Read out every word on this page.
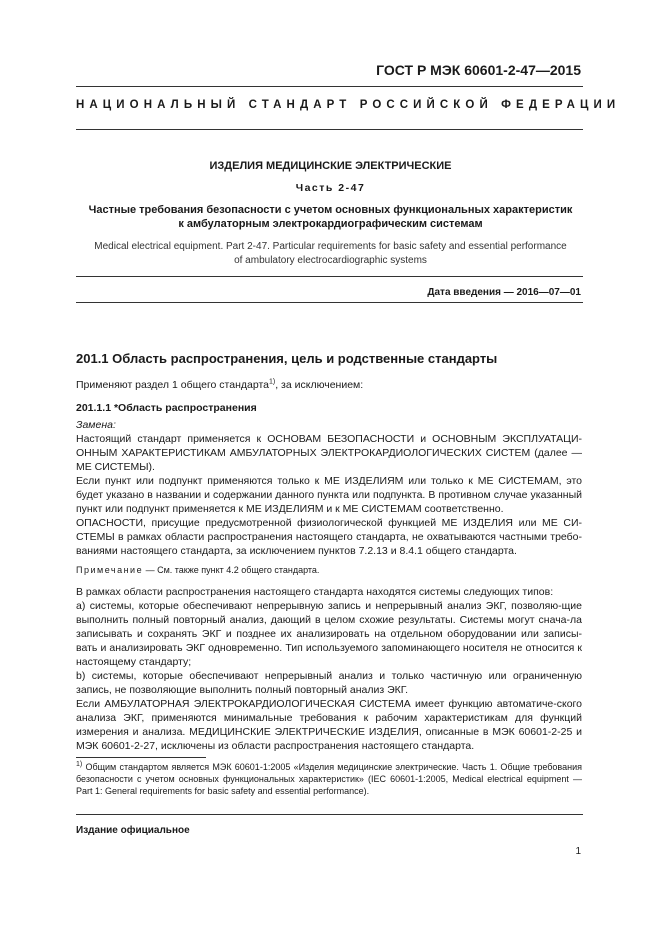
ГОСТ Р МЭК 60601-2-47—2015
НАЦИОНАЛЬНЫЙ СТАНДАРТ РОССИЙСКОЙ ФЕДЕРАЦИИ
ИЗДЕЛИЯ МЕДИЦИНСКИЕ ЭЛЕКТРИЧЕСКИЕ
Часть 2-47
Частные требования безопасности с учетом основных функциональных характеристик
к амбулаторным электрокардиографическим системам
Medical electrical equipment. Part 2-47. Particular requirements for basic safety and essential performance
of ambulatory electrocardiographic systems
Дата введения — 2016—07—01
201.1 Область распространения, цель и родственные стандарты
Применяют раздел 1 общего стандарта$^{1)}$, за исключением:
201.1.1 *Область распространения
Замена:

Настоящий стандарт применяется к ОСНОВАМ БЕЗОПАСНОСТИ и ОСНОВНЫМ ЭКСПЛУАТАЦИ-ОННЫМ ХАРАКТЕРИСТИКАМ АМБУЛАТОРНЫХ ЭЛЕКТРОКАРДИОЛОГИЧЕСКИХ СИСТЕМ (далее — МЕ СИСТЕМЫ).

Если пункт или подпункт применяются только к МЕ ИЗДЕЛИЯМ или только к МЕ СИСТЕМАМ, это будет указано в названии и содержании данного пункта или подпункта. В противном случае указанный пункт или подпункт применяется к МЕ ИЗДЕЛИЯМ и к МЕ СИСТЕМАМ соответственно.

ОПАСНОСТИ, присущие предусмотренной физиологической функцией МЕ ИЗДЕЛИЯ или МЕ СИ-СТЕМЫ в рамках области распространения настоящего стандарта, не охватываются частными требо-ваниями настоящего стандарта, за исключением пунктов 7.2.13 и 8.4.1 общего стандарта.

Примечание — См. также пункт 4.2 общего стандарта.

В рамках области распространения настоящего стандарта находятся системы следующих типов:

а) системы, которые обеспечивают непрерывную запись и непрерывный анализ ЭКГ, позволяю-щие выполнить полный повторный анализ, дающий в целом схожие результаты. Системы могут снача-ла записывать и сохранять ЭКГ и позднее их анализировать на отдельном оборудовании или записы-вать и анализировать ЭКГ одновременно. Тип используемого запоминающего носителя не относится к настоящему стандарту;

b) системы, которые обеспечивают непрерывный анализ и только частичную или ограниченную запись, не позволяющие выполнить полный повторный анализ ЭКГ.

Если АМБУЛАТОРНАЯ ЭЛЕКТРОКАРДИОЛОГИЧЕСКАЯ СИСТЕМА имеет функцию автоматиче-ского анализа ЭКГ, применяются минимальные требования к рабочим характеристикам для функций измерения и анализа. МЕДИЦИНСКИЕ ЭЛЕКТРИЧЕСКИЕ ИЗДЕЛИЯ, описанные в МЭК 60601-2-25 и МЭК 60601-2-27, исключены из области распространения настоящего стандарта.

$^{1)}$ Общим стандартом является МЭК 60601-1:2005 «Изделия медицинские электрические. Часть 1. Общие требования безопасности с учетом основных функциональных характеристик» (IEC 60601-1:2005, Medical electrical equipment — Part 1: General requirements for basic safety and essential performance).
Издание официальное
1
